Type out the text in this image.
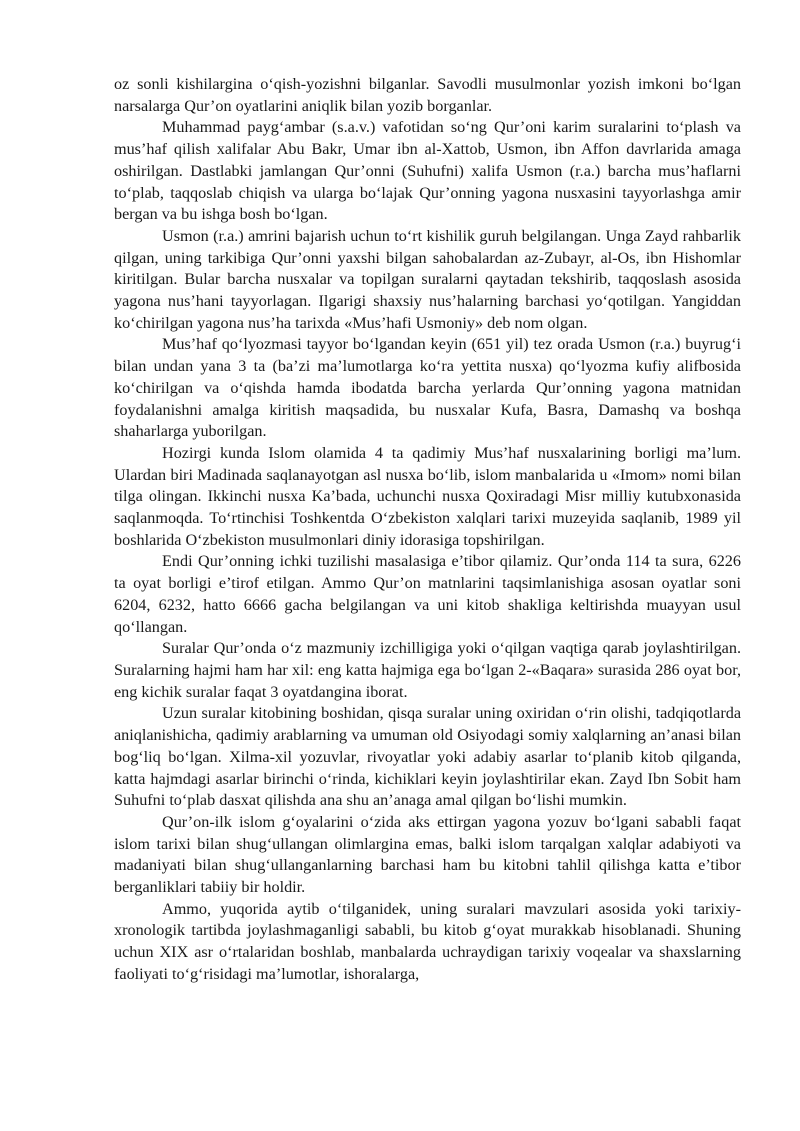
oz sonli kishilargina oʻqish-yozishni bilganlar. Savodli musulmonlar yozish imkoni boʻlgan narsalarga Qur’on oyatlarini aniqlik bilan yozib borganlar.

Muhammad paygʻambar (s.a.v.) vafotidan soʻng Qur’oni karim suralarini toʻplash va mus’haf qilish xalifalar Abu Bakr, Umar ibn al-Xattob, Usmon, ibn Affon davrlarida amaga oshirilgan. Dastlabki jamlangan Qur’onni (Suhufni) xalifa Usmon (r.a.) barcha mus’haflarni toʻplab, taqqoslab chiqish va ularga boʻlajak Qur’onning yagona nusxasini tayyorlashga amir bergan va bu ishga bosh boʻlgan.

Usmon (r.a.) amrini bajarish uchun toʻrt kishilik guruh belgilangan. Unga Zayd rahbarlik qilgan, uning tarkibiga Qur’onni yaxshi bilgan sahobalardan az-Zubayr, al-Os, ibn Hishomlar kiritilgan. Bular barcha nusxalar va topilgan suralarni qaytadan tekshirib, taqqoslash asosida yagona nus’hani tayyorlagan. Ilgarigi shaxsiy nus’halarning barchasi yoʻqotilgan. Yangiddan koʻchirilgan yagona nus’ha tarixda «Mus’hafi Usmoniy» deb nom olgan.

Mus’haf qoʻlyozmasi tayyor boʻlgandan keyin (651 yil) tez orada Usmon (r.a.) buyrugʻi bilan undan yana 3 ta (ba’zi ma’lumotlarga koʻra yettita nusxa) qoʻlyozma kufiy alifbosida koʻchirilgan va oʻqishda hamda ibodatda barcha yerlarda Qur’onning yagona matnidan foydalanishni amalga kiritish maqsadida, bu nusxalar Kufa, Basra, Damashq va boshqa shaharlarga yuborilgan.

Hozirgi kunda Islom olamida 4 ta qadimiy Mus’haf nusxalarining borligi ma’lum. Ulardan biri Madinada saqlanayotgan asl nusxa boʻlib, islom manbalarida u «Imom» nomi bilan tilga olingan. Ikkinchi nusxa Ka’bada, uchunchi nusxa Qoxiradagi Misr milliy kutubxonasida saqlanmoqda. Toʻrtinchisi Toshkentda Oʻzbekiston xalqlari tarixi muzeyida saqlanib, 1989 yil boshlarida Oʻzbekiston musulmonlari diniy idorasiga topshirilgan.

Endi Qur’onning ichki tuzilishi masalasiga e’tibor qilamiz. Qur’onda 114 ta sura, 6226 ta oyat borligi e’tirof etilgan. Ammo Qur’on matnlarini taqsimlanishiga asosan oyatlar soni 6204, 6232, hatto 6666 gacha belgilangan va uni kitob shakliga keltirishda muayyan usul qoʻllangan.

Suralar Qur’onda oʻz mazmuniy izchilligiga yoki oʻqilgan vaqtiga qarab joylashtirilgan. Suralarning hajmi ham har xil: eng katta hajmiga ega boʻlgan 2-«Baqara» surasida 286 oyat bor, eng kichik suralar faqat 3 oyatdangina iborat.

Uzun suralar kitobining boshidan, qisqa suralar uning oxiridan oʻrin olishi, tadqiqotlarda aniqlanishicha, qadimiy arablarning va umuman old Osiyodagi somiy xalqlarning an’anasi bilan bogʻliq boʻlgan. Xilma-xil yozuvlar, rivoyatlar yoki adabiy asarlar toʻplanib kitob qilganda, katta hajmdagi asarlar birinchi oʻrinda, kichiklari keyin joylashtirilar ekan. Zayd Ibn Sobit ham Suhufni toʻplab dasxat qilishda ana shu an’anaga amal qilgan boʻlishi mumkin.

Qur’on-ilk islom gʻoyalarini oʻzida aks ettirgan yagona yozuv boʻlgani sababli faqat islom tarixi bilan shugʻullangan olimlargina emas, balki islom tarqalgan xalqlar adabiyoti va madaniyati bilan shugʻullanganlarning barchasi ham bu kitobni tahlil qilishga katta e’tibor berganliklari tabiiy bir holdir.

Ammo, yuqorida aytib oʻtilganidek, uning suralari mavzulari asosida yoki tarixiy-xronologik tartibda joylashmaganligi sababli, bu kitob gʻoyat murakkab hisoblanadi. Shuning uchun XIX asr oʻrtalaridan boshlab, manbalarda uchraydigan tarixiy voqealar va shaxslarning faoliyati toʻgʻrisidagi ma’lumotlar, ishoralarga,
